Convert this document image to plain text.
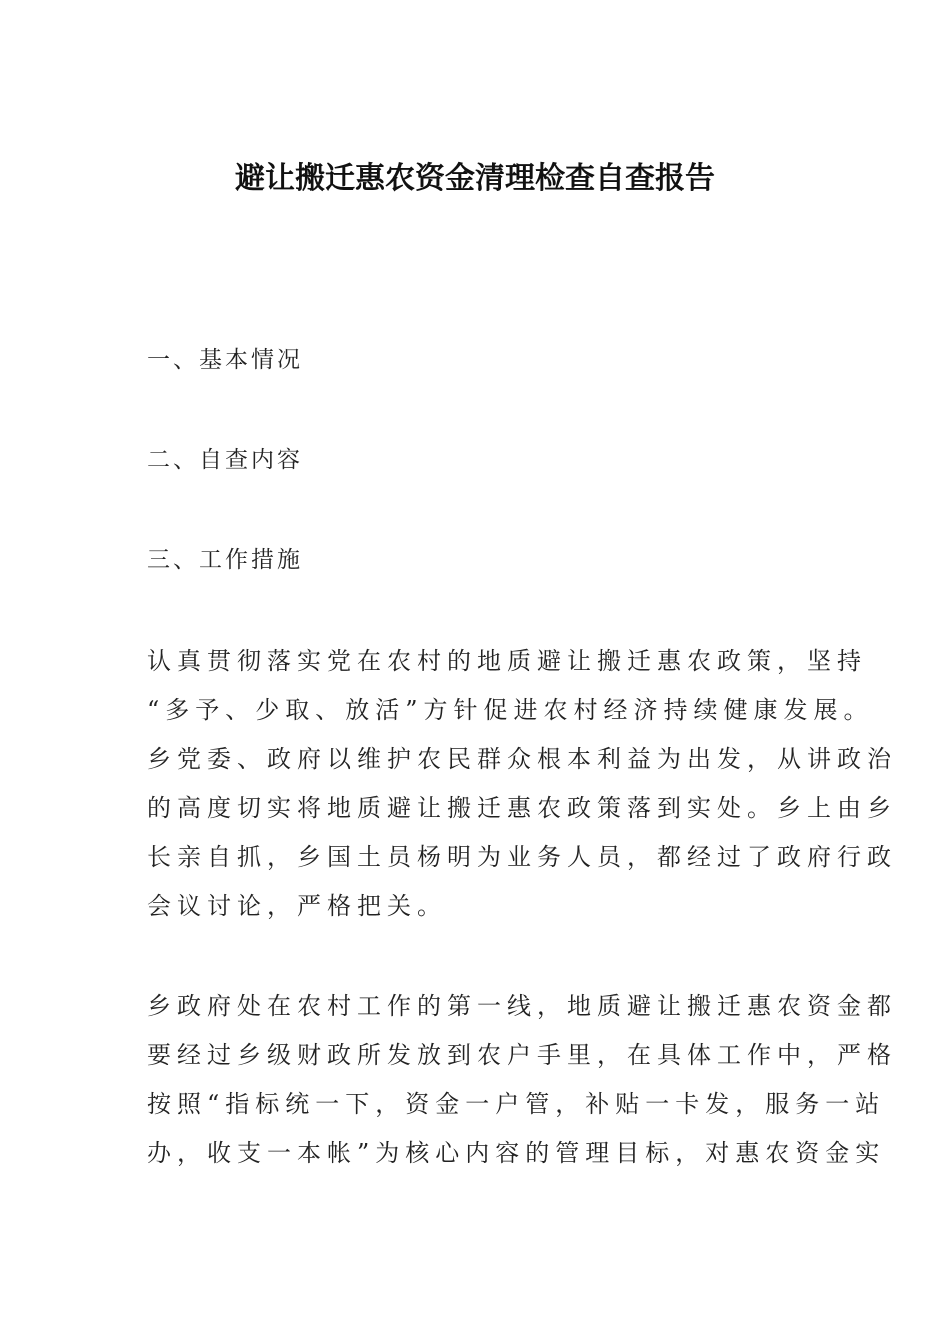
避让搬迁惠农资金清理检查自查报告
一、基本情况
二、自查内容
三、工作措施
认真贯彻落实党在农村的地质避让搬迁惠农政策，坚持
“多予、少取、放活”方针促进农村经济持续健康发展。
乡党委、政府以维护农民群众根本利益为出发，从讲政治
的高度切实将地质避让搬迁惠农政策落到实处。乡上由乡
长亲自抓，乡国土员杨明为业务人员，都经过了政府行政
会议讨论，严格把关。
乡政府处在农村工作的第一线，地质避让搬迁惠农资金都
要经过乡级财政所发放到农户手里，在具体工作中，严格
按照“指标统一下，资金一户管，补贴一卡发，服务一站
办，收支一本帐”为核心内容的管理目标，对惠农资金实
